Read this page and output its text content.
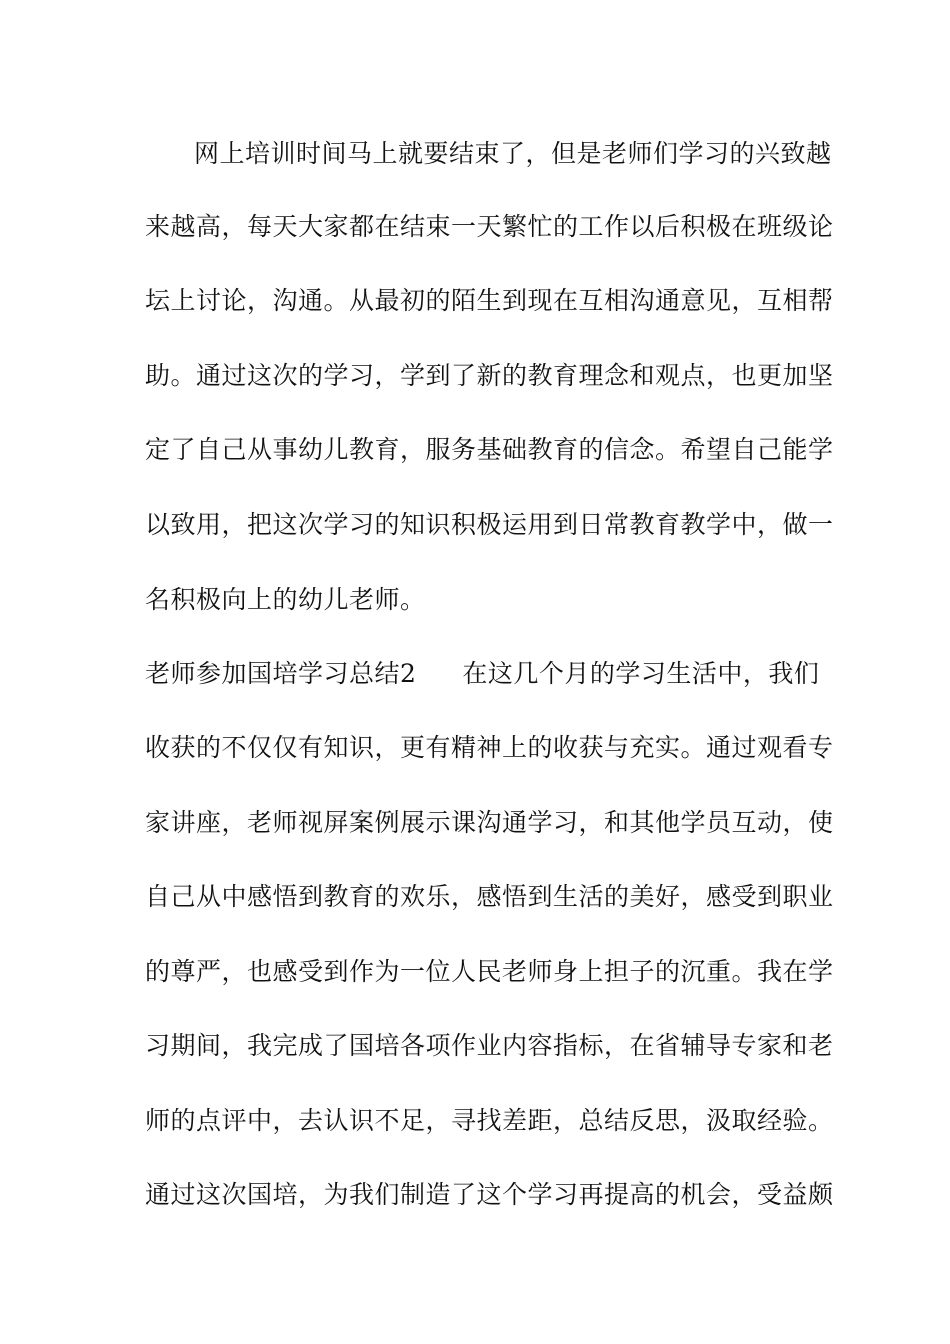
网上培训时间马上就要结束了，但是老师们学习的兴致越
来越高，每天大家都在结束一天繁忙的工作以后积极在班级论
坛上讨论，沟通。从最初的陌生到现在互相沟通意见，互相帮
助。通过这次的学习，学到了新的教育理念和观点，也更加坚
定了自己从事幼儿教育，服务基础教育的信念。希望自己能学
以致用，把这次学习的知识积极运用到日常教育教学中，做一
名积极向上的幼儿老师。
老师参加国培学习总结2 在这几个月的学习生活中，我们
收获的不仅仅有知识，更有精神上的收获与充实。通过观看专
家讲座，老师视屏案例展示课沟通学习，和其他学员互动，使
自己从中感悟到教育的欢乐，感悟到生活的美好，感受到职业
的尊严，也感受到作为一位人民老师身上担子的沉重。我在学
习期间，我完成了国培各项作业内容指标，在省辅导专家和老
师的点评中，去认识不足，寻找差距，总结反思，汲取经验。
通过这次国培，为我们制造了这个学习再提高的机会，受益颇
